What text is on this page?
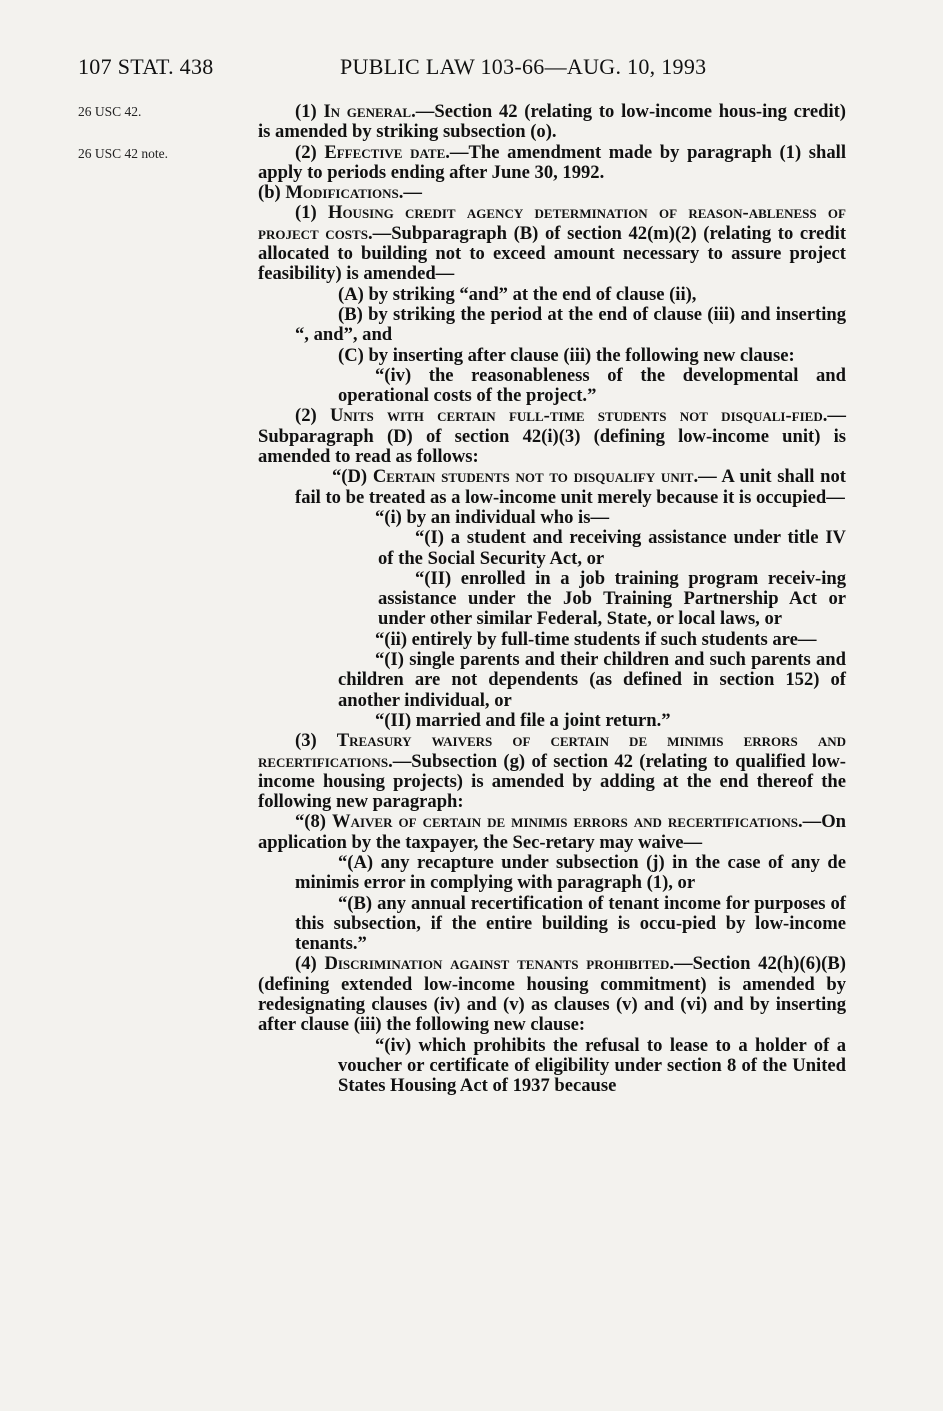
107 STAT. 438	PUBLIC LAW 103-66—AUG. 10, 1993
26 USC 42.
26 USC 42 note.

(1) In general.—Section 42 (relating to low-income hous-ing credit) is amended by striking subsection (o).

(2) Effective date.—The amendment made by paragraph (1) shall apply to periods ending after June 30, 1992.

(b) Modifications.—

(1) Housing credit agency determination of reason-ableness of project costs.—Subparagraph (B) of section 42(m)(2) (relating to credit allocated to building not to exceed amount necessary to assure project feasibility) is amended—

(A) by striking “and” at the end of clause (ii),

(B) by striking the period at the end of clause (iii) and inserting “, and”, and

(C) by inserting after clause (iii) the following new clause:

“(iv) the reasonableness of the developmental and operational costs of the project.”

(2) Units with certain full-time students not disquali-fied.—Subparagraph (D) of section 42(i)(3) (defining low-income unit) is amended to read as follows:

“(D) Certain students not to disqualify unit.— A unit shall not fail to be treated as a low-income unit merely because it is occupied—

“(i) by an individual who is—

“(I) a student and receiving assistance under title IV of the Social Security Act, or

“(II) enrolled in a job training program receiv-ing assistance under the Job Training Partnership Act or under other similar Federal, State, or local laws, or

“(ii) entirely by full-time students if such students are—

“(I) single parents and their children and such parents and children are not dependents (as defined in section 152) of another individual, or

“(II) married and file a joint return.”

(3) Treasury waivers of certain de minimis errors and recertifications.—Subsection (g) of section 42 (relating to qualified low-income housing projects) is amended by adding at the end thereof the following new paragraph:

“(8) Waiver of certain de minimis errors and recertifications.—On application by the taxpayer, the Sec-retary may waive—

“(A) any recapture under subsection (j) in the case of any de minimis error in complying with paragraph (1), or

“(B) any annual recertification of tenant income for purposes of this subsection, if the entire building is occu-pied by low-income tenants.”

(4) Discrimination against tenants prohibited.—Section 42(h)(6)(B) (defining extended low-income housing commitment) is amended by redesignating clauses (iv) and (v) as clauses (v) and (vi) and by inserting after clause (iii) the following new clause:

“(iv) which prohibits the refusal to lease to a holder of a voucher or certificate of eligibility under section 8 of the United States Housing Act of 1937 because
